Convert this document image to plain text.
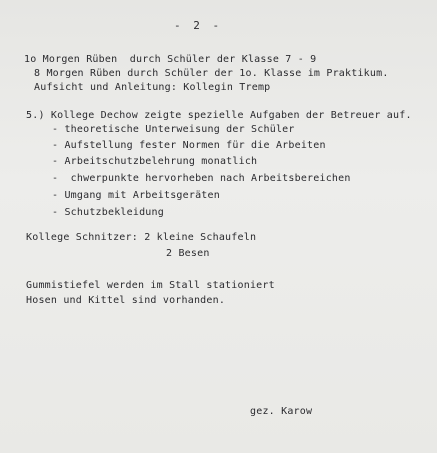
- 2 -
1o Morgen Rüben  durch Schüler der Klasse 7 - 9
8 Morgen Rüben durch Schüler der 1o. Klasse im Praktikum.
Aufsicht und Anleitung: Kollegin Tremp
5.) Kollege Dechow zeigte spezielle Aufgaben der Betreuer auf.
- theoretische Unterweisung der Schüler
- Aufstellung fester Normen für die Arbeiten
- Arbeitschutzbelehrung monatlich
-  chwerpunkte hervorheben nach Arbeitsbereichen
- Umgang mit Arbeitsgeräten
- Schutzbekleidung
Kollege Schnitzer: 2 kleine Schaufeln
2 Besen
Gummistiefel werden im Stall stationiert
Hosen und Kittel sind vorhanden.
gez. Karow
